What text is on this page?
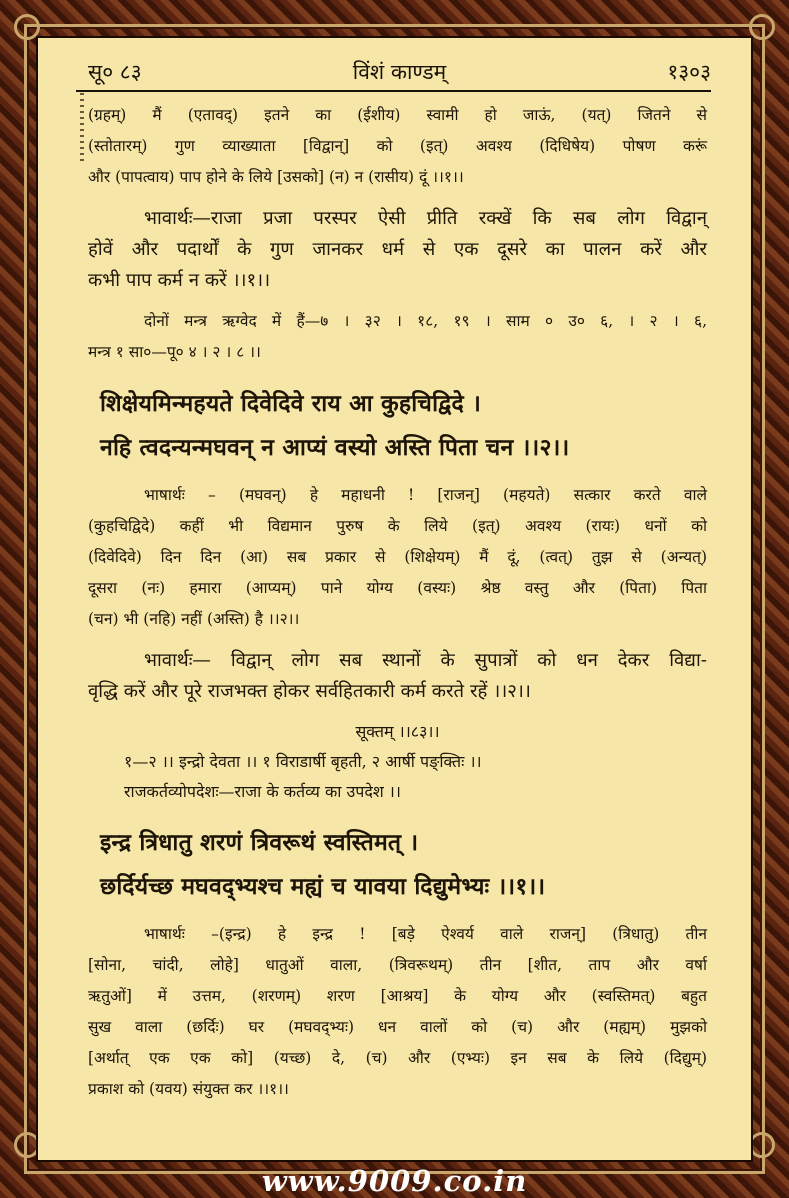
सू० ८३	विंशं काण्डम्	१३०३

(ग्रहम्) मैं (एतावद्) इतने का (ईशीय) स्वामी हो जाऊं, (यत्) जितने से

(स्तोतारम्) गुण व्याख्याता [विद्वान्] को (इत्) अवश्य (दिधिषेय) पोषण करूं

और (पापत्वाय) पाप होने के लिये [उसको] (न) न (रासीय) दूं ।।१।।

भावार्थः—राजा प्रजा परस्पर ऐसी प्रीति रक्खें कि सब लोग विद्वान्

होवें और पदार्थों के गुण जानकर धर्म से एक दूसरे का पालन करें और

कभी पाप कर्म न करें ।।१।।

दोनों मन्त्र ऋग्वेद में हैं—७ । ३२ । १८, १९ । साम ० उ० ६, । २ । ६,

मन्त्र १ सा०—पू० ४ । २ । ८ ।।

शिक्षेयमिन्महयते दिवेदिवे राय आ कुहचिद्विदे ।

नहि त्वदन्यन्मघवन् न आप्यं वस्यो अस्ति पिता चन ।।२।।

भाषार्थः – (मघवन्) हे महाधनी ! [राजन्] (महयते) सत्कार करते वाले

(कुहचिद्विदे) कहीं भी विद्यमान पुरुष के लिये (इत्) अवश्य (रायः) धनों को

(दिवेदिवे) दिन दिन (आ) सब प्रकार से (शिक्षेयम्) मैं दूं, (त्वत्) तुझ से (अन्यत्)

दूसरा (नः) हमारा (आप्यम्) पाने योग्य (वस्यः) श्रेष्ठ वस्तु और (पिता) पिता

(चन) भी (नहि) नहीं (अस्ति) है ।।२।।

भावार्थः— विद्वान् लोग सब स्थानों के सुपात्रों को धन देकर विद्या-

वृद्धि करें और पूरे राजभक्त होकर सर्वहितकारी कर्म करते रहें ।।२।।

सूक्तम् ।।८३।।

१—२ ।। इन्द्रो देवता ।। १ विराडार्षी बृहती, २ आर्षी पङ्क्तिः ।।

राजकर्तव्योपदेशः—राजा के कर्तव्य का उपदेश ।।

इन्द्र त्रिधातु शरणं त्रिवरूथं स्वस्तिमत् ।

छर्दिर्यच्छ मघवद्भ्यश्च मह्यं च यावया दिद्युमेभ्यः ।।१।।

भाषार्थः –(इन्द्र) हे इन्द्र ! [बड़े ऐश्वर्य वाले राजन्] (त्रिधातु) तीन

[सोना, चांदी, लोहे] धातुओं वाला, (त्रिवरूथम्) तीन [शीत, ताप और वर्षा

ऋतुओं] में उत्तम, (शरणम्) शरण [आश्रय] के योग्य और (स्वस्तिमत्) बहुत

सुख वाला (छर्दिः) घर (मघवद्भ्यः) धन वालों को (च) और (मह्यम्) मुझको

[अर्थात् एक एक को] (यच्छ) दे, (च) और (एभ्यः) इन सब के लिये (दिद्युम्)

प्रकाश को (यवय) संयुक्त कर ।।१।।

www.9009.co.in
